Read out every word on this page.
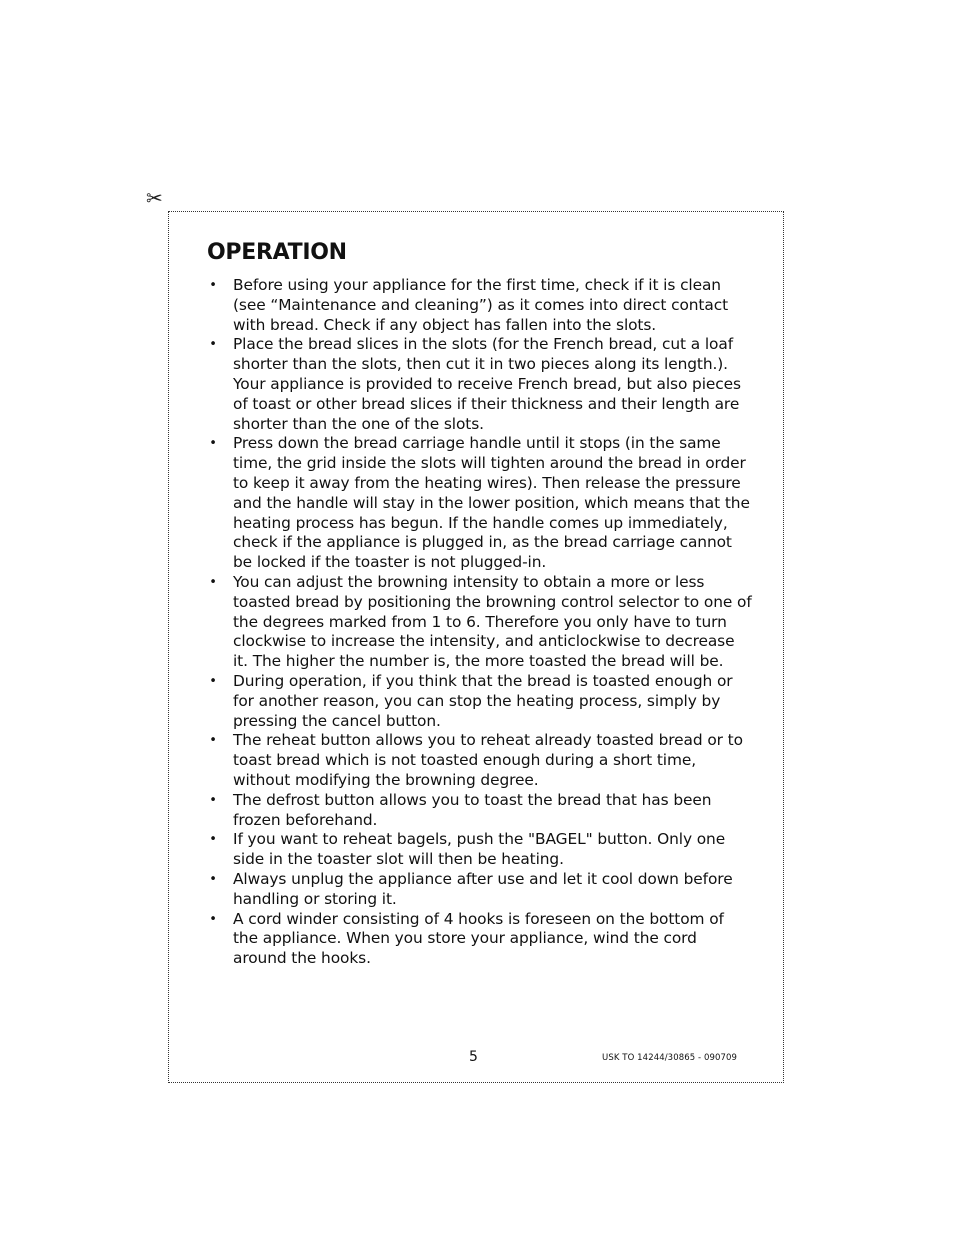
✂
OPERATION
• Before using your appliance for the first time, check if it is clean (see “Maintenance and cleaning”) as it comes into direct contact with bread. Check if any object has fallen into the slots.
• Place the bread slices in the slots (for the French bread, cut a loaf shorter than the slots, then cut it in two pieces along its length.). Your appliance is provided to receive French bread, but also pieces of toast or other bread slices if their thickness and their length are shorter than the one of the slots.
• Press down the bread carriage handle until it stops (in the same time, the grid inside the slots will tighten around the bread in order to keep it away from the heating wires). Then release the pressure and the handle will stay in the lower position, which means that the heating process has begun. If the handle comes up immediately, check if the appliance is plugged in, as the bread carriage cannot be locked if the toaster is not plugged-in.
• You can adjust the browning intensity to obtain a more or less toasted bread by positioning the browning control selector to one of the degrees marked from 1 to 6. Therefore you only have to turn clockwise to increase the intensity, and anticlockwise to decrease it. The higher the number is, the more toasted the bread will be.
• During operation, if you think that the bread is toasted enough or for another reason, you can stop the heating process, simply by pressing the cancel button.
• The reheat button allows you to reheat already toasted bread or to toast bread which is not toasted enough during a short time, without modifying the browning degree.
• The defrost button allows you to toast the bread that has been frozen beforehand.
• If you want to reheat bagels, push the "BAGEL" button. Only one side in the toaster slot will then be heating.
• Always unplug the appliance after use and let it cool down before handling or storing it.
• A cord winder consisting of 4 hooks is foreseen on the bottom of the appliance. When you store your appliance, wind the cord around the hooks.
5	USK TO 14244/30865 - 090709
